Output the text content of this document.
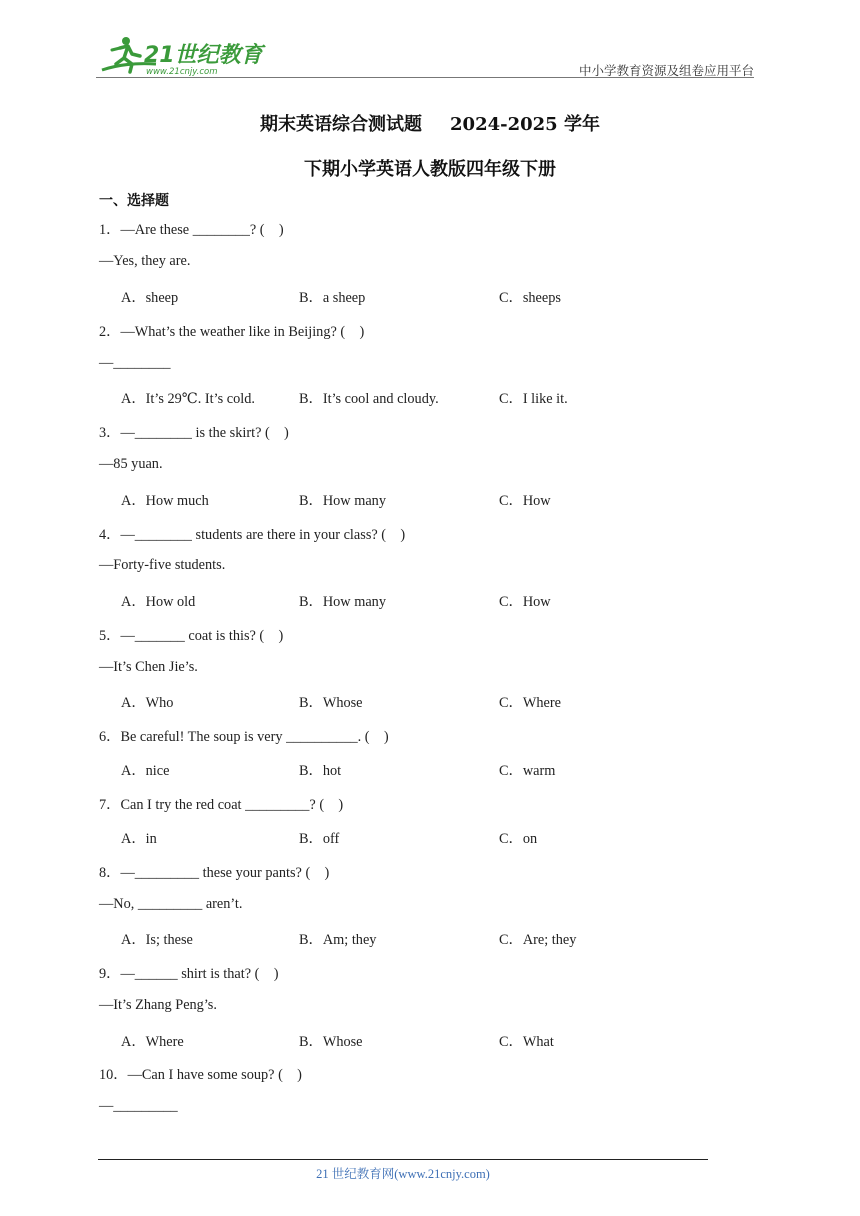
21世纪教育
www.21cnjy.com	中小学教育资源及组卷应用平台
期末英语综合测试题 2024-2025 学年
下期小学英语人教版四年级下册
一、选择题
1．—Are these ________? (    )
—Yes, they are.
A．sheep	B．a sheep	C．sheeps
2．—What’s the weather like in Beijing? (    )
—________
A．It’s 29℃. It’s cold.	B．It’s cool and cloudy.	C．I like it.
3．—________ is the skirt? (    )
—85 yuan.
A．How much	B．How many	C．How
4．—________ students are there in your class? (    )
—Forty-five students.
A．How old	B．How many	C．How
5．—_______ coat is this? (    )
—It’s Chen Jie’s.
A．Who	B．Whose	C．Where
6．Be careful! The soup is very __________. (    )
A．nice	B．hot	C．warm
7．Can I try the red coat _________? (    )
A．in	B．off	C．on
8．—_________ these your pants? (    )
—No, _________ aren’t.
A．Is; these	B．Am; they	C．Are; they
9．—______ shirt is that? (    )
—It’s Zhang Peng’s.
A．Where	B．Whose	C．What
10．—Can I have some soup? (    )
—_________
21 世纪教育网(www.21cnjy.com)
